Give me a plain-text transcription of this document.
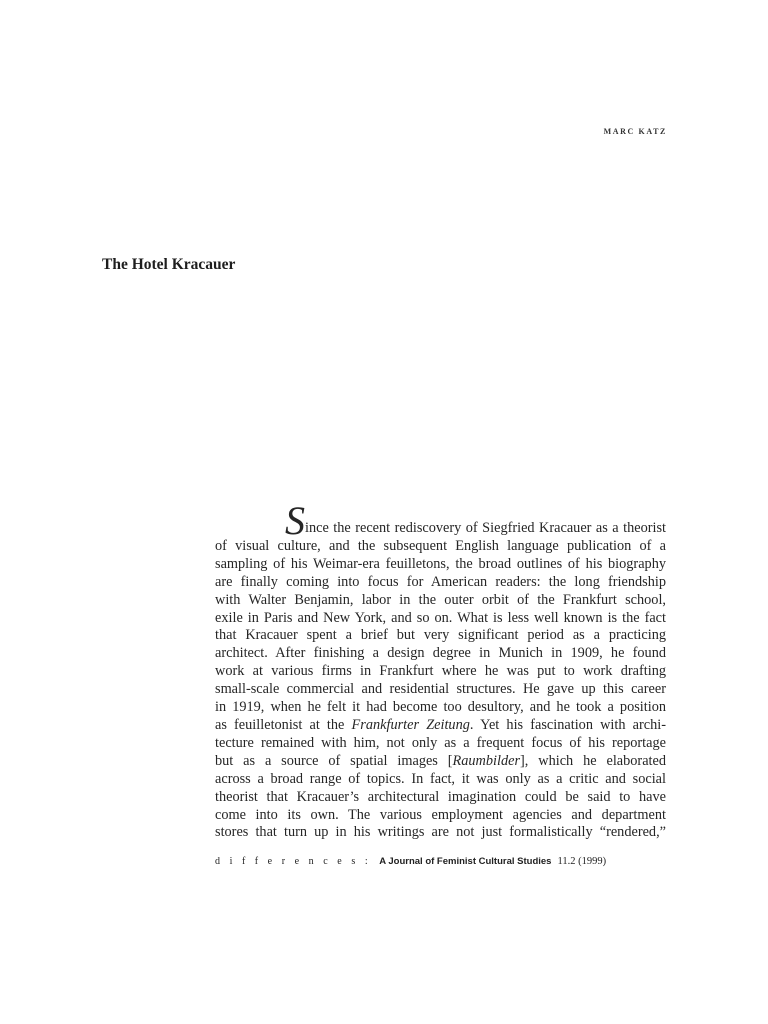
MARC KATZ
The Hotel Kracauer

Since the recent rediscovery of Siegfried Kracauer as a theorist
of visual culture, and the subsequent English language publication of a
sampling of his Weimar-era feuilletons, the broad outlines of his biography
are finally coming into focus for American readers: the long friendship
with Walter Benjamin, labor in the outer orbit of the Frankfurt school,
exile in Paris and New York, and so on. What is less well known is the fact
that Kracauer spent a brief but very significant period as a practicing
architect. After finishing a design degree in Munich in 1909, he found
work at various firms in Frankfurt where he was put to work drafting
small-scale commercial and residential structures. He gave up this career
in 1919, when he felt it had become too desultory, and he took a position
as feuilletonist at the Frankfurter Zeitung. Yet his fascination with archi-
tecture remained with him, not only as a frequent focus of his reportage
but as a source of spatial images [Raumbilder], which he elaborated
across a broad range of topics. In fact, it was only as a critic and social
theorist that Kracauer’s architectural imagination could be said to have
come into its own. The various employment agencies and department
stores that turn up in his writings are not just formalistically “rendered,”

differences: A Journal of Feminist Cultural Studies 11.2 (1999)
